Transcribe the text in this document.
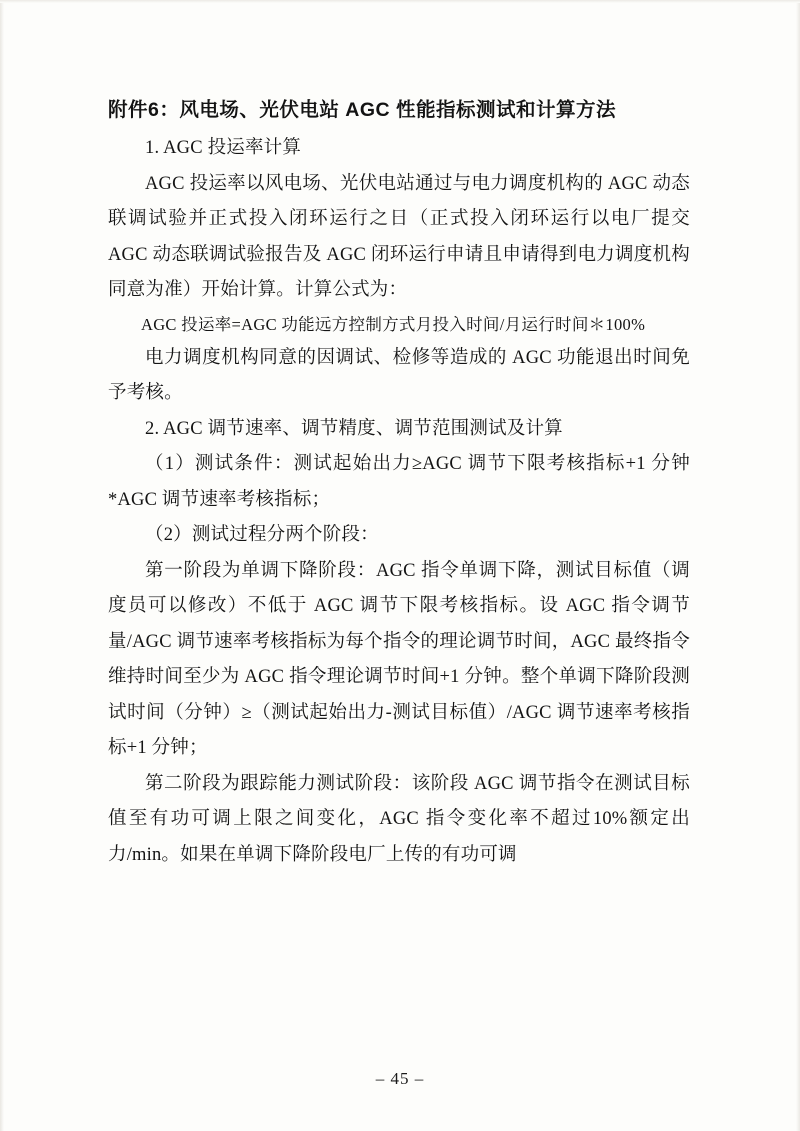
附件6：风电场、光伏电站 AGC 性能指标测试和计算方法

1. AGC 投运率计算

AGC 投运率以风电场、光伏电站通过与电力调度机构的 AGC 动态联调试验并正式投入闭环运行之日（正式投入闭环运行以电厂提交 AGC 动态联调试验报告及 AGC 闭环运行申请且申请得到电力调度机构同意为准）开始计算。计算公式为：

AGC 投运率=AGC 功能远方控制方式月投入时间/月运行时间＊100%

电力调度机构同意的因调试、检修等造成的 AGC 功能退出时间免予考核。

2. AGC 调节速率、调节精度、调节范围测试及计算

（1）测试条件：测试起始出力≥AGC 调节下限考核指标+1 分钟*AGC 调节速率考核指标；

（2）测试过程分两个阶段：

第一阶段为单调下降阶段：AGC 指令单调下降，测试目标值（调度员可以修改）不低于 AGC 调节下限考核指标。设 AGC 指令调节量/AGC 调节速率考核指标为每个指令的理论调节时间，AGC 最终指令维持时间至少为 AGC 指令理论调节时间+1 分钟。整个单调下降阶段测试时间（分钟）≥（测试起始出力-测试目标值）/AGC 调节速率考核指标+1 分钟；

第二阶段为跟踪能力测试阶段：该阶段 AGC 调节指令在测试目标值至有功可调上限之间变化，AGC 指令变化率不超过10%额定出力/min。如果在单调下降阶段电厂上传的有功可调

– 45 –
